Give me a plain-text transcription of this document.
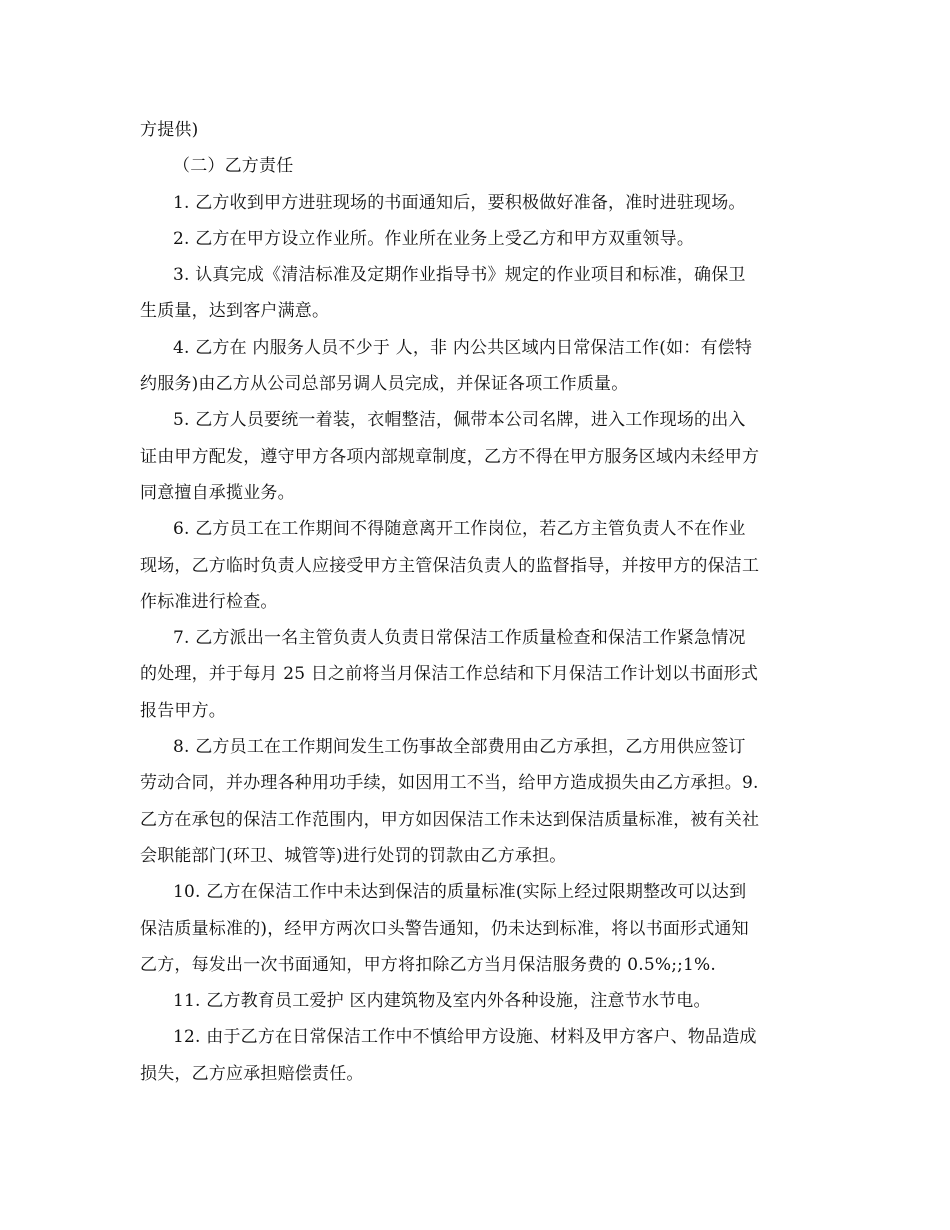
方提供)
（二）乙方责任
1. 乙方收到甲方进驻现场的书面通知后，要积极做好准备，准时进驻现场。
2. 乙方在甲方设立作业所。作业所在业务上受乙方和甲方双重领导。
3. 认真完成《清洁标准及定期作业指导书》规定的作业项目和标准，确保卫
生质量，达到客户满意。
4. 乙方在 内服务人员不少于 人，非 内公共区域内日常保洁工作(如：有偿特
约服务)由乙方从公司总部另调人员完成，并保证各项工作质量。
5. 乙方人员要统一着装，衣帽整洁，佩带本公司名牌，进入工作现场的出入
证由甲方配发，遵守甲方各项内部规章制度，乙方不得在甲方服务区域内未经甲方
同意擅自承揽业务。
6. 乙方员工在工作期间不得随意离开工作岗位，若乙方主管负责人不在作业
现场，乙方临时负责人应接受甲方主管保洁负责人的监督指导，并按甲方的保洁工
作标准进行检查。
7. 乙方派出一名主管负责人负责日常保洁工作质量检查和保洁工作紧急情况
的处理，并于每月 25 日之前将当月保洁工作总结和下月保洁工作计划以书面形式
报告甲方。
8. 乙方员工在工作期间发生工伤事故全部费用由乙方承担，乙方用供应签订
劳动合同，并办理各种用功手续，如因用工不当，给甲方造成损失由乙方承担。9.
乙方在承包的保洁工作范围内，甲方如因保洁工作未达到保洁质量标准，被有关社
会职能部门(环卫、城管等)进行处罚的罚款由乙方承担。
10. 乙方在保洁工作中未达到保洁的质量标准(实际上经过限期整改可以达到
保洁质量标准的)，经甲方两次口头警告通知，仍未达到标准，将以书面形式通知
乙方，每发出一次书面通知，甲方将扣除乙方当月保洁服务费的 0.5%;;1%.
11. 乙方教育员工爱护 区内建筑物及室内外各种设施，注意节水节电。
12. 由于乙方在日常保洁工作中不慎给甲方设施、材料及甲方客户、物品造成
损失，乙方应承担赔偿责任。
